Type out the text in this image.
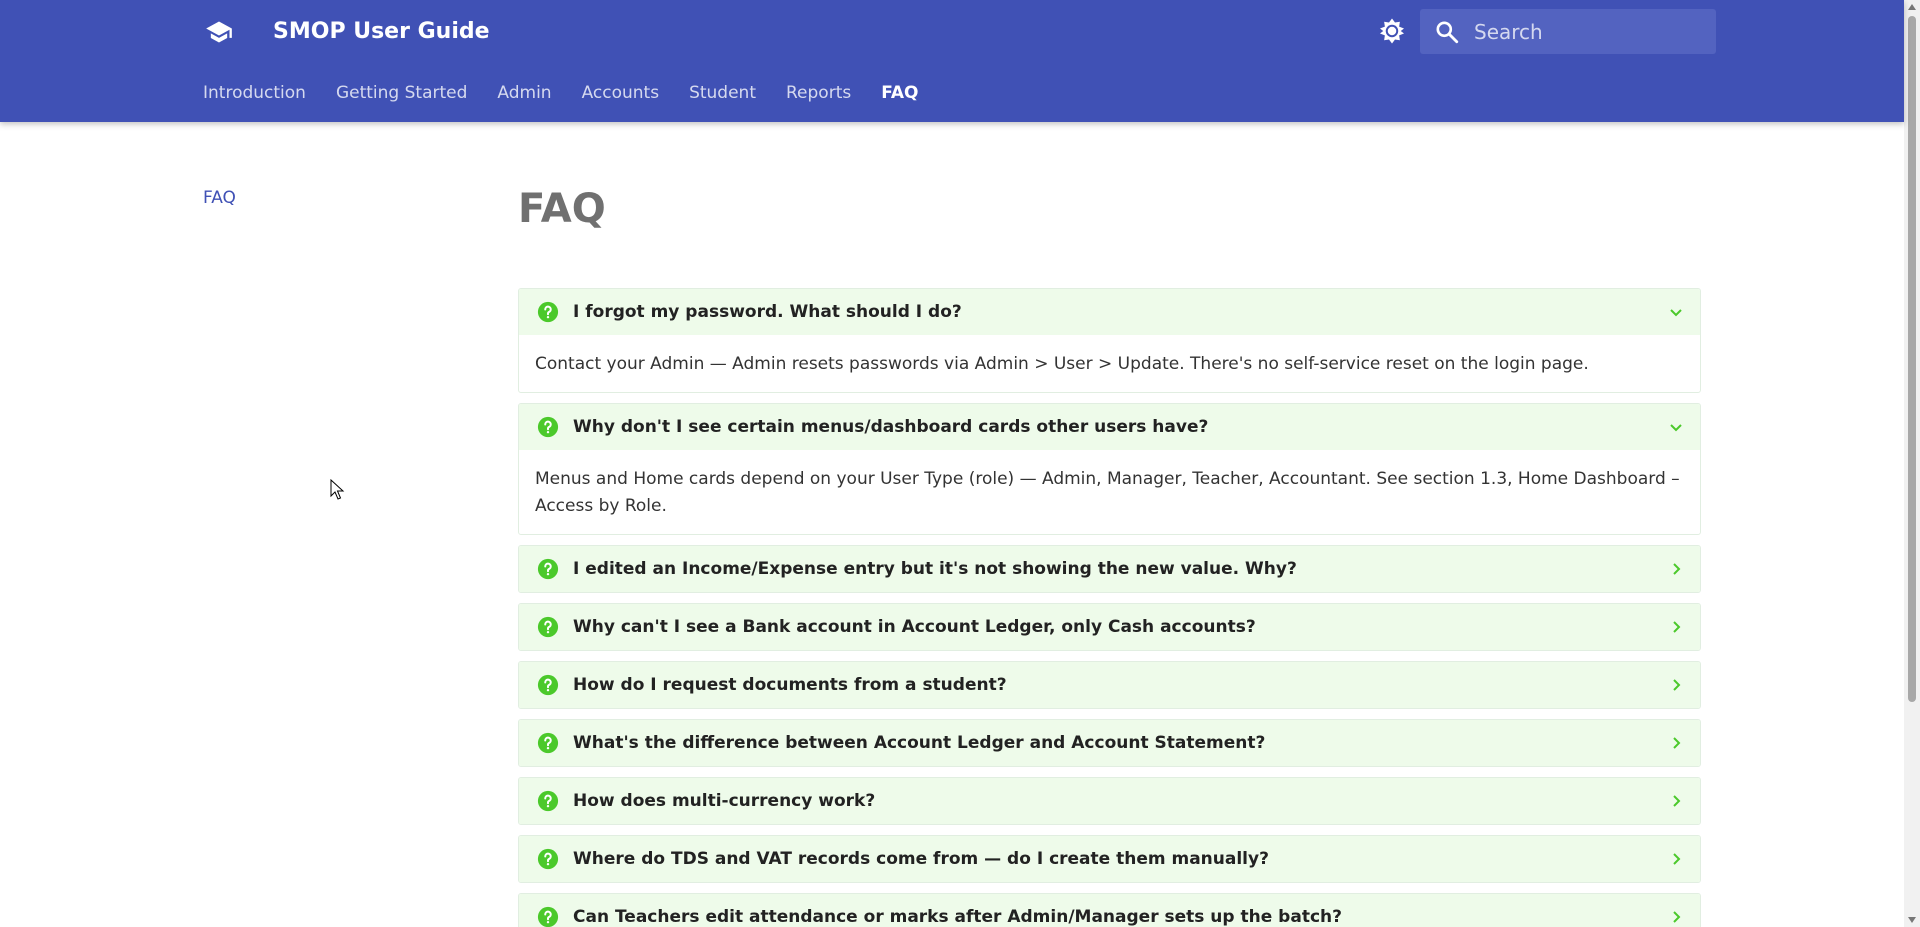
SMOP User Guide
Search
Introduction Getting Started Admin Accounts Student Reports FAQ
FAQ	FAQ
I forgot my password. What should I do?
Contact your Admin — Admin resets passwords via Admin > User > Update. There's no self-service reset on the login page.
Why don't I see certain menus/dashboard cards other users have?
Menus and Home cards depend on your User Type (role) — Admin, Manager, Teacher, Accountant. See section 1.3, Home Dashboard – Access by Role.
I edited an Income/Expense entry but it's not showing the new value. Why?
Why can't I see a Bank account in Account Ledger, only Cash accounts?
How do I request documents from a student?
What's the difference between Account Ledger and Account Statement?
How does multi-currency work?
Where do TDS and VAT records come from — do I create them manually?
Can Teachers edit attendance or marks after Admin/Manager sets up the batch?
